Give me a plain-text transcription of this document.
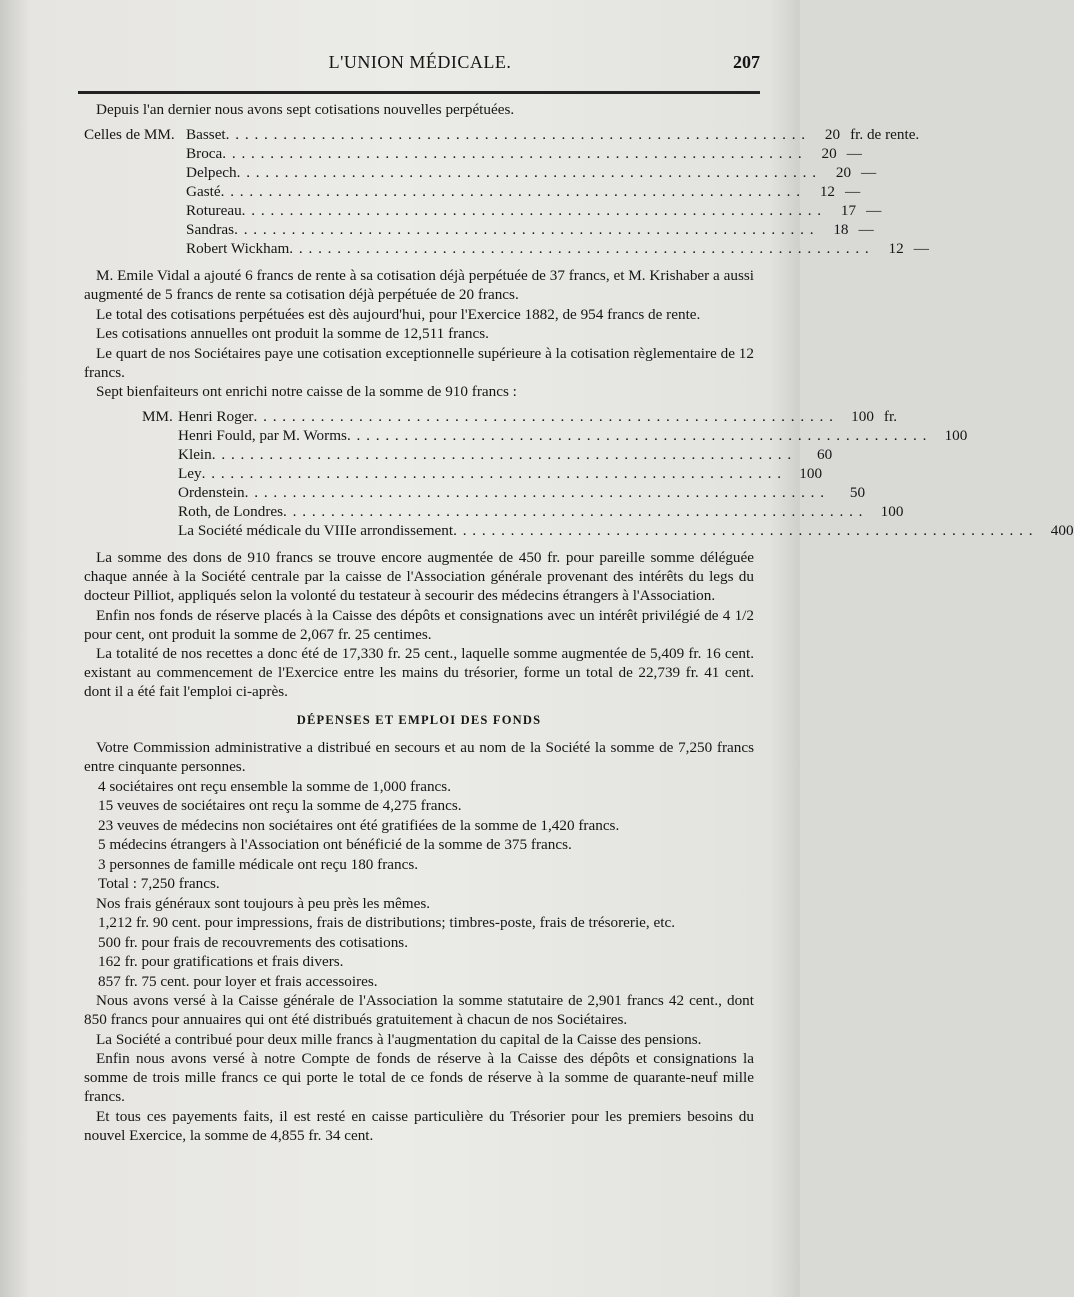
L'UNION MÉDICALE.	207

Depuis l'an dernier nous avons sept cotisations nouvelles perpétuées.

Celles de MM. Basset . . . . . . . . . . . . . . . . . . . . . . . . . . . . . . . . . . . . . . . . . . . . . . . . . . . . . . . . . . . . .	20 fr. de rente.
Broca . . . . . . . . . . . . . . . . . . . . . . . . . . . . . . . . . . . . . . . . . . . . . . . . . . . . . . . . . . . . .	20 —
Delpech . . . . . . . . . . . . . . . . . . . . . . . . . . . . . . . . . . . . . . . . . . . . . . . . . . . . . . . . . . . . .	20 —
Gasté . . . . . . . . . . . . . . . . . . . . . . . . . . . . . . . . . . . . . . . . . . . . . . . . . . . . . . . . . . . . .	12 —
Rotureau . . . . . . . . . . . . . . . . . . . . . . . . . . . . . . . . . . . . . . . . . . . . . . . . . . . . . . . . . . . . .	17 —
Sandras . . . . . . . . . . . . . . . . . . . . . . . . . . . . . . . . . . . . . . . . . . . . . . . . . . . . . . . . . . . . .	18 —
Robert Wickham . . . . . . . . . . . . . . . . . . . . . . . . . . . . . . . . . . . . . . . . . . . . . . . . . . . . . . . . . . . . .	12 —

M. Emile Vidal a ajouté 6 francs de rente à sa cotisation déjà perpétuée de 37 francs, et M. Krishaber a aussi augmenté de 5 francs de rente sa cotisation déjà perpétuée de 20 francs.

Le total des cotisations perpétuées est dès aujourd'hui, pour l'Exercice 1882, de 954 francs de rente.

Les cotisations annuelles ont produit la somme de 12,511 francs.

Le quart de nos Sociétaires paye une cotisation exceptionnelle supérieure à la cotisation règlementaire de 12 francs.

Sept bienfaiteurs ont enrichi notre caisse de la somme de 910 francs :

MM. Henri Roger . . . . . . . . . . . . . . . . . . . . . . . . . . . . . . . . . . . . . . . . . . . . . . . . . . . . . . . . . . . . .	100 fr.
Henri Fould, par M. Worms . . . . . . . . . . . . . . . . . . . . . . . . . . . . . . . . . . . . . . . . . . . . . . . . . . . . . . . . . . . . .	100
Klein . . . . . . . . . . . . . . . . . . . . . . . . . . . . . . . . . . . . . . . . . . . . . . . . . . . . . . . . . . . . .	60
Ley . . . . . . . . . . . . . . . . . . . . . . . . . . . . . . . . . . . . . . . . . . . . . . . . . . . . . . . . . . . . .	100
Ordenstein . . . . . . . . . . . . . . . . . . . . . . . . . . . . . . . . . . . . . . . . . . . . . . . . . . . . . . . . . . . . .	50
Roth, de Londres . . . . . . . . . . . . . . . . . . . . . . . . . . . . . . . . . . . . . . . . . . . . . . . . . . . . . . . . . . . . .	100
La Société médicale du VIIIe arrondissement . . . . . . . . . . . . . . . . . . . . . . . . . . . . . . . . . . . . . . . . . . . . . . . . . . . . . . . . . . . . .	400

La somme des dons de 910 francs se trouve encore augmentée de 450 fr. pour pareille somme déléguée chaque année à la Société centrale par la caisse de l'Association générale provenant des intérêts du legs du docteur Pilliot, appliqués selon la volonté du testateur à secourir des médecins étrangers à l'Association.

Enfin nos fonds de réserve placés à la Caisse des dépôts et consignations avec un intérêt privilégié de 4 1/2 pour cent, ont produit la somme de 2,067 fr. 25 centimes.

La totalité de nos recettes a donc été de 17,330 fr. 25 cent., laquelle somme augmentée de 5,409 fr. 16 cent. existant au commencement de l'Exercice entre les mains du trésorier, forme un total de 22,739 fr. 41 cent. dont il a été fait l'emploi ci-après.

DÉPENSES ET EMPLOI DES FONDS

Votre Commission administrative a distribué en secours et au nom de la Société la somme de 7,250 francs entre cinquante personnes.

4 sociétaires ont reçu ensemble la somme de 1,000 francs.

15 veuves de sociétaires ont reçu la somme de 4,275 francs.

23 veuves de médecins non sociétaires ont été gratifiées de la somme de 1,420 francs.

5 médecins étrangers à l'Association ont bénéficié de la somme de 375 francs.

3 personnes de famille médicale ont reçu 180 francs.

Total : 7,250 francs.

Nos frais généraux sont toujours à peu près les mêmes.

1,212 fr. 90 cent. pour impressions, frais de distributions; timbres-poste, frais de trésorerie, etc.

500 fr. pour frais de recouvrements des cotisations.

162 fr. pour gratifications et frais divers.

857 fr. 75 cent. pour loyer et frais accessoires.

Nous avons versé à la Caisse générale de l'Association la somme statutaire de 2,901 francs 42 cent., dont 850 francs pour annuaires qui ont été distribués gratuitement à chacun de nos Sociétaires.

La Société a contribué pour deux mille francs à l'augmentation du capital de la Caisse des pensions.

Enfin nous avons versé à notre Compte de fonds de réserve à la Caisse des dépôts et consignations la somme de trois mille francs ce qui porte le total de ce fonds de réserve à la somme de quarante-neuf mille francs.

Et tous ces payements faits, il est resté en caisse particulière du Trésorier pour les premiers besoins du nouvel Exercice, la somme de 4,855 fr. 34 cent.
